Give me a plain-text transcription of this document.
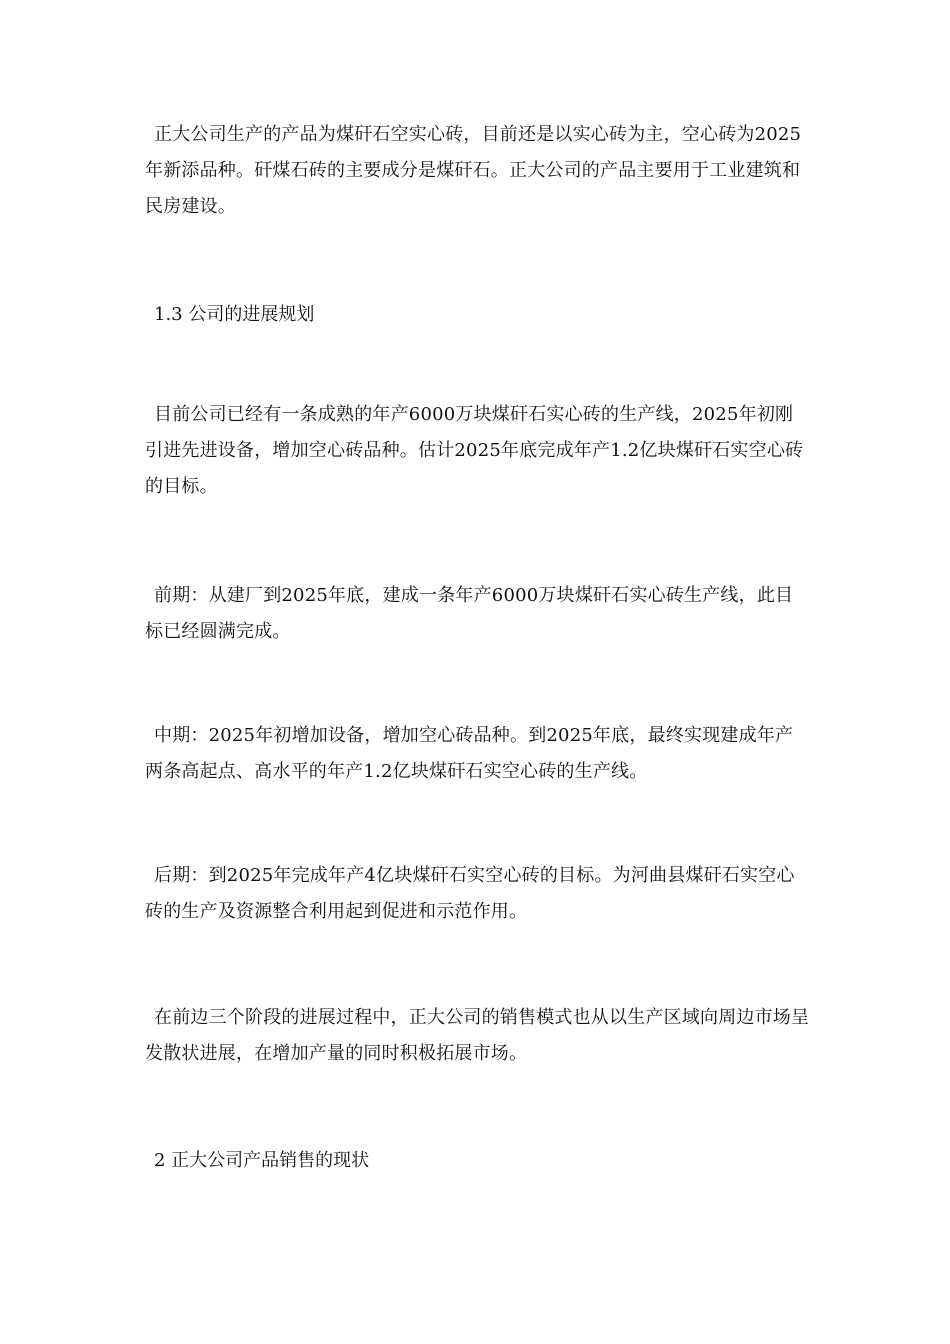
正大公司生产的产品为煤矸石空实心砖，目前还是以实心砖为主，空心砖为2025年新添品种。矸煤石砖的主要成分是煤矸石。正大公司的产品主要用于工业建筑和民房建设。

1.3 公司的进展规划

目前公司已经有一条成熟的年产6000万块煤矸石实心砖的生产线，2025年初刚引进先进设备，增加空心砖品种。估计2025年底完成年产1.2亿块煤矸石实空心砖的目标。

前期：从建厂到2025年底，建成一条年产6000万块煤矸石实心砖生产线，此目标已经圆满完成。

中期：2025年初增加设备，增加空心砖品种。到2025年底，最终实现建成年产两条高起点、高水平的年产1.2亿块煤矸石实空心砖的生产线。

后期：到2025年完成年产4亿块煤矸石实空心砖的目标。为河曲县煤矸石实空心砖的生产及资源整合利用起到促进和示范作用。

在前边三个阶段的进展过程中，正大公司的销售模式也从以生产区域向周边市场呈发散状进展，在增加产量的同时积极拓展市场。

2 正大公司产品销售的现状
